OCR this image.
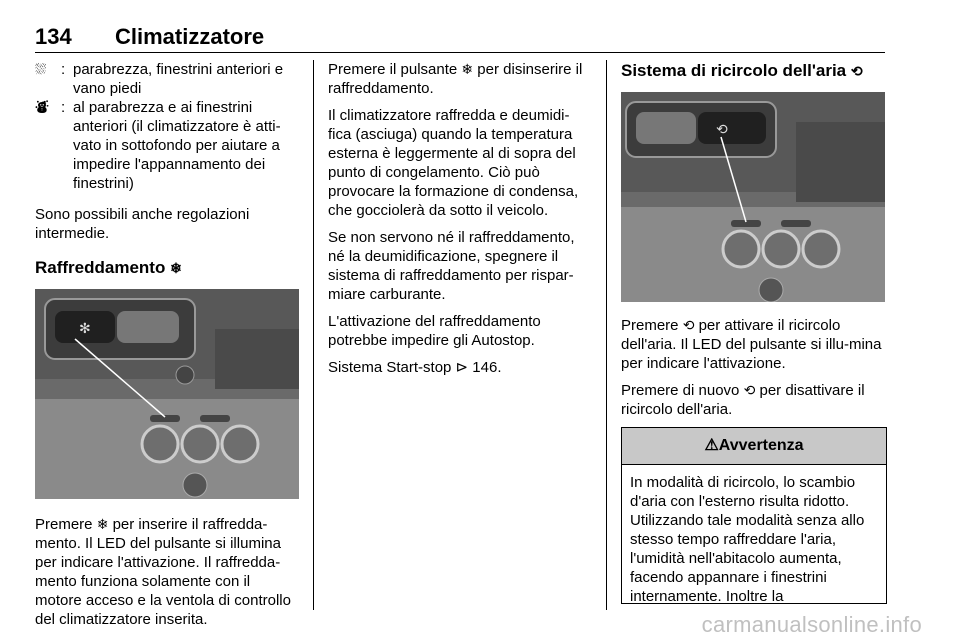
134 Climatizzatore
⛆ : parabrezza, finestrini anteriori e vano piedi
⛇ : al parabrezza e ai finestrini anteriori (il climatizzatore è atti-vato in sottofondo per aiutare a impedire l'appannamento dei finestrini)

Sono possibili anche regolazioni intermedie.

Raffreddamento ❄
✻

Premere ❄ per inserire il raffredda-mento. Il LED del pulsante si illumina per indicare l'attivazione. Il raffredda-mento funziona solamente con il motore acceso e la ventola di controllo del climatizzatore inserita.

Premere il pulsante ❄ per disinserire il raffreddamento.

Il climatizzatore raffredda e deumidi-fica (asciuga) quando la temperatura esterna è leggermente al di sopra del punto di congelamento. Ciò può provocare la formazione di condensa, che gocciolerà da sotto il veicolo.

Se non servono né il raffreddamento, né la deumidificazione, spegnere il sistema di raffreddamento per rispar-miare carburante.

L'attivazione del raffreddamento potrebbe impedire gli Autostop.

Sistema Start-stop ⊳ 146.

Sistema di ricircolo dell'aria ⟲
⟲

Premere ⟲ per attivare il ricircolo dell'aria. Il LED del pulsante si illu-mina per indicare l'attivazione.

Premere di nuovo ⟲ per disattivare il ricircolo dell'aria.

⚠Avvertenza
In modalità di ricircolo, lo scambio d'aria con l'esterno risulta ridotto. Utilizzando tale modalità senza allo stesso tempo raffreddare l'aria, l'umidità nell'abitacolo aumenta, facendo appannare i finestrini internamente. Inoltre la
carmanualsonline.info
